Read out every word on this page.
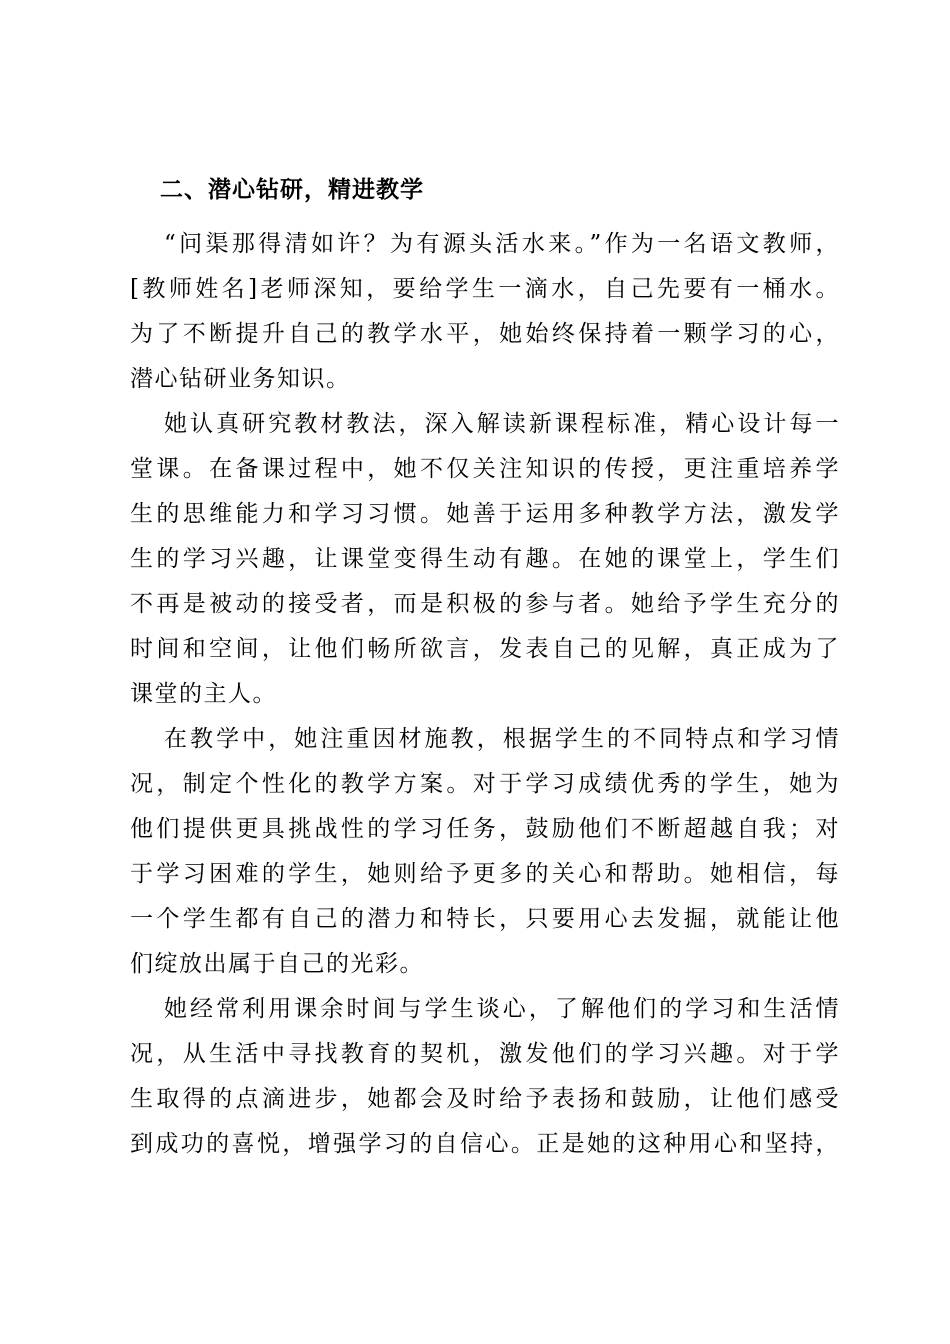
二、潜心钻研，精进教学
“问渠那得清如许？为有源头活水来。”作为一名语文教师，
[教师姓名]老师深知，要给学生一滴水，自己先要有一桶水。
为了不断提升自己的教学水平，她始终保持着一颗学习的心，
潜心钻研业务知识。
她认真研究教材教法，深入解读新课程标准，精心设计每一
堂课。在备课过程中，她不仅关注知识的传授，更注重培养学
生的思维能力和学习习惯。她善于运用多种教学方法，激发学
生的学习兴趣，让课堂变得生动有趣。在她的课堂上，学生们
不再是被动的接受者，而是积极的参与者。她给予学生充分的
时间和空间，让他们畅所欲言，发表自己的见解，真正成为了
课堂的主人。
在教学中，她注重因材施教，根据学生的不同特点和学习情
况，制定个性化的教学方案。对于学习成绩优秀的学生，她为
他们提供更具挑战性的学习任务，鼓励他们不断超越自我；对
于学习困难的学生，她则给予更多的关心和帮助。她相信，每
一个学生都有自己的潜力和特长，只要用心去发掘，就能让他
们绽放出属于自己的光彩。
她经常利用课余时间与学生谈心，了解他们的学习和生活情
况，从生活中寻找教育的契机，激发他们的学习兴趣。对于学
生取得的点滴进步，她都会及时给予表扬和鼓励，让他们感受
到成功的喜悦，增强学习的自信心。正是她的这种用心和坚持，
